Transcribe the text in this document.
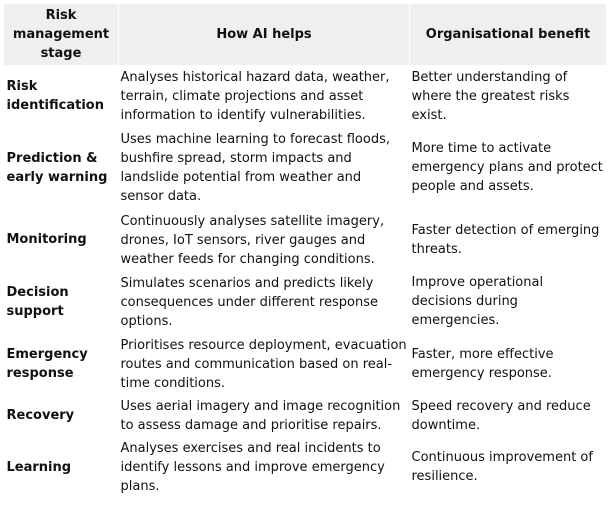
Risk management stage	How AI helps	Organisational benefit
Risk identification	Analyses historical hazard data, weather, terrain, climate projections and asset information to identify vulnerabilities.	Better understanding of where the greatest risks exist.
Prediction & early warning	Uses machine learning to forecast floods, bushfire spread, storm impacts and landslide potential from weather and sensor data.	More time to activate emergency plans and protect people and assets.
Monitoring	Continuously analyses satellite imagery, drones, IoT sensors, river gauges and weather feeds for changing conditions.	Faster detection of emerging threats.
Decision support	Simulates scenarios and predicts likely consequences under different response options.	Improve operational decisions during emergencies.
Emergency response	Prioritises resource deployment, evacuation routes and communication based on real-time conditions.	Faster, more effective emergency response.
Recovery	Uses aerial imagery and image recognition to assess damage and prioritise repairs.	Speed recovery and reduce downtime.
Learning	Analyses exercises and real incidents to identify lessons and improve emergency plans.	Continuous improvement of resilience.
